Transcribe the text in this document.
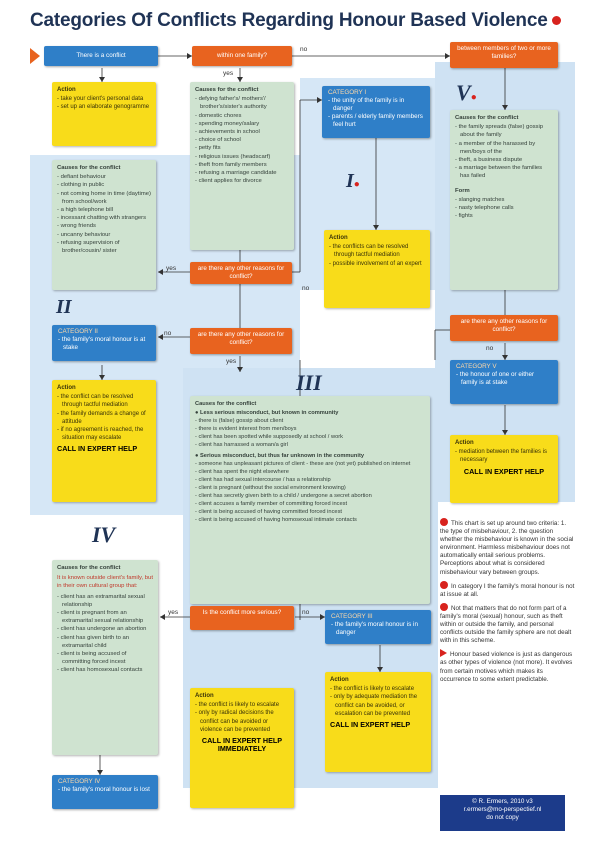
Categories Of Conflicts Regarding Honour Based Violence
There is a conflict	within one family?
between members of two or more families?
no
yes
Action
- take your client's personal data
- set up an elaborate genogramme
Causes for the conflict
- defying father's/ mothers'/ brother's/sister's authority
- domestic chores
- spending money/salary
- achievements in school
- choice of school
- petty fits
- religious issues (headscarf)
- theft from family members
- refusing a marriage candidate
- client applies for divorce
CATEGORY I
- the unity of the family is in danger
- parents / elderly family members feel hurt
I●
Action
- the conflicts can be resolved through tactful mediation
- possible involvement of an expert
Causes for the conflict
- defiant behaviour
- clothing in public
- not coming home in time (daytime) from school/work
- a high telephone bill
- incessant chatting with strangers
- wrong friends
- uncanny behaviour
- refusing supervision of brother/cousin/ sister
are there any other reasons for conflict?
yes
no
II
CATEGORY II
- the family's moral honour is at stake
are there any other reasons for conflict?
no
yes
Action
- the conflict can be resolved through tactful mediation
- the family demands a change of attitude
- if no agreement is reached, the situation may escalate
CALL IN EXPERT HELP
III
Causes for the conflict
● Less serious misconduct, but known in community
- there is (false) gossip about client
- there is evident interest from men/boys
- client has been spotted while supposedly at school / work
- client has harrassed a woman/a girl
● Serious misconduct, but thus far unknown in the community
- someone has unpleasant pictures of client - these are (not yet) published on internet
- client has spent the night elsewhere
- client has had sexual intercourse / has a relationship
- client is pregnant (without the social environment knowing)
- client has secretly given birth to a child / undergone a secret abortion
- client accuses a family member of committing forced incest
- client is being accused of having committed forced incest
- client is being accused of having homosexual intimate contacts
Is the conflict more serious?
yes	no
CATEGORY III
- the family's moral honour is in danger
Action
- the conflict is likely to escalate
- only by adequate mediation the conflict can be avoided, or escalation can be prevented
CALL IN EXPERT HELP
IV
Causes for the conflict
It is known outside client's family, but in their own cultural group that:
- client has an extramarital sexual relationship
- client is pregnant from an extramarital sexual relationship
- client has undergone an abortion
- client has given birth to an extramarital child
- client is being accused of committing forced incest
- client has homosexual contacts
CATEGORY IV
- the family's moral honour is lost
Action
- the conflict is likely to escalate
- only by radical decisions the conflict can be avoided or violence can be prevented
CALL IN EXPERT HELP IMMEDIATELY
V●
Causes for the conflict
- the family spreads (false) gossip about the family
- a member of the harassed by men/boys of the
- theft, a business dispute
- a marriage between the families has failed
Form
- slanging matches
- nasty telephone calls
- fights
are there any other reasons for conflict?
no
CATEGORY V
- the honour of one or either family is at stake
Action
- mediation between the families is necessary
CALL IN EXPERT HELP

This chart is set up around two criteria: 1. the type of misbehaviour, 2. the question whether the misbehaviour is known in the social environment. Harmless misbehaviour does not automatically entail serious problems. Perceptions about what is considered misbehaviour vary between groups.

In category I the family's moral honour is not at issue at all.

Not that matters that do not form part of a family's moral (sexual) honour, such as theft within or outside the family, and personal conflicts outside the family sphere are not dealt with in this scheme.

Honour based violence is just as dangerous as other types of violence (not more). It evolves from certain motives which makes its occurrence to some extent predictable.

© R. Ermers, 2010 v3
r.ermers@mo-perspectief.nl
do not copy
